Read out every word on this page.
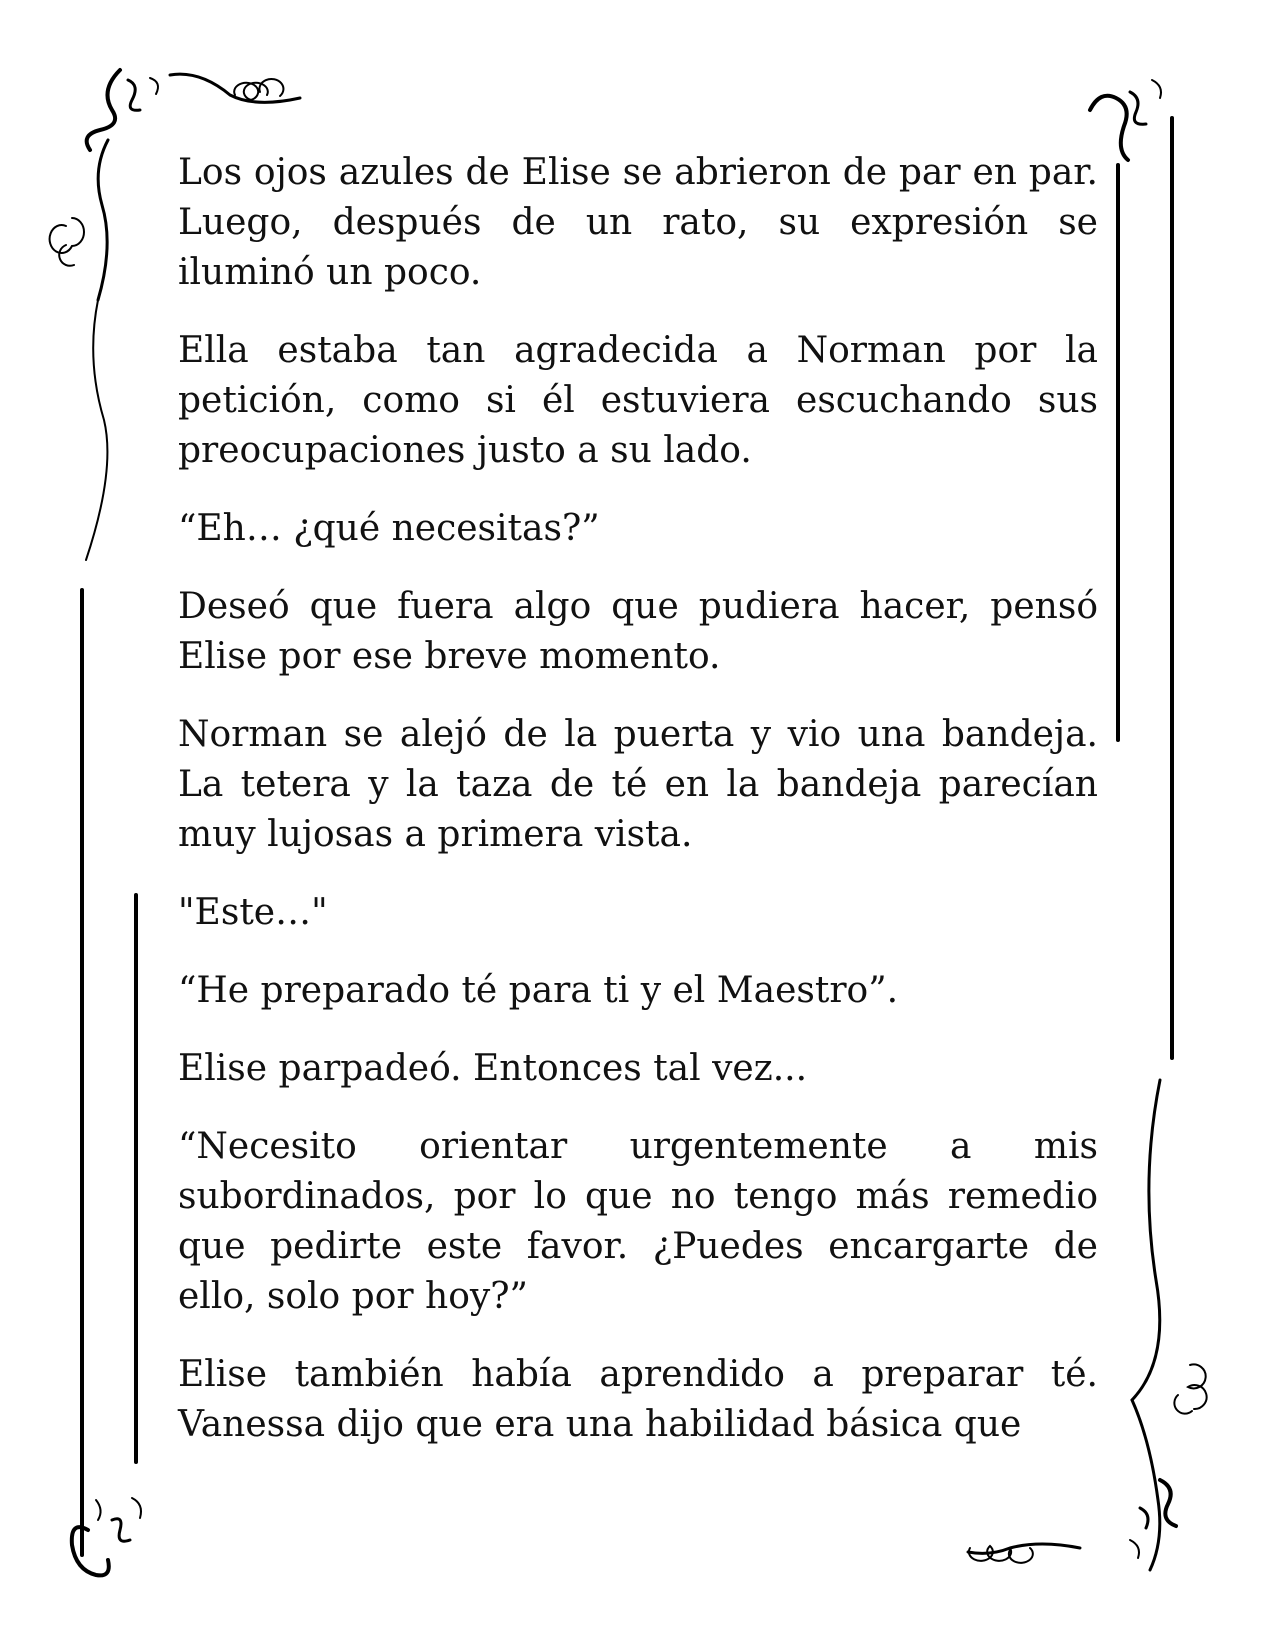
Los ojos azules de Elise se abrieron de par en par. Luego, después de un rato, su expresión se iluminó un poco.

Ella estaba tan agradecida a Norman por la petición, como si él estuviera escuchando sus preocupaciones justo a su lado.

“Eh… ¿qué necesitas?”

Deseó que fuera algo que pudiera hacer, pensó Elise por ese breve momento.

Norman se alejó de la puerta y vio una bandeja. La tetera y la taza de té en la bandeja parecían muy lujosas a primera vista.

"Este…"

“He preparado té para ti y el Maestro”.

Elise parpadeó. Entonces tal vez...

“Necesito orientar urgentemente a mis subordinados, por lo que no tengo más remedio que pedirte este favor. ¿Puedes encargarte de ello, solo por hoy?”

Elise también había aprendido a preparar té. Vanessa dijo que era una habilidad básica que
